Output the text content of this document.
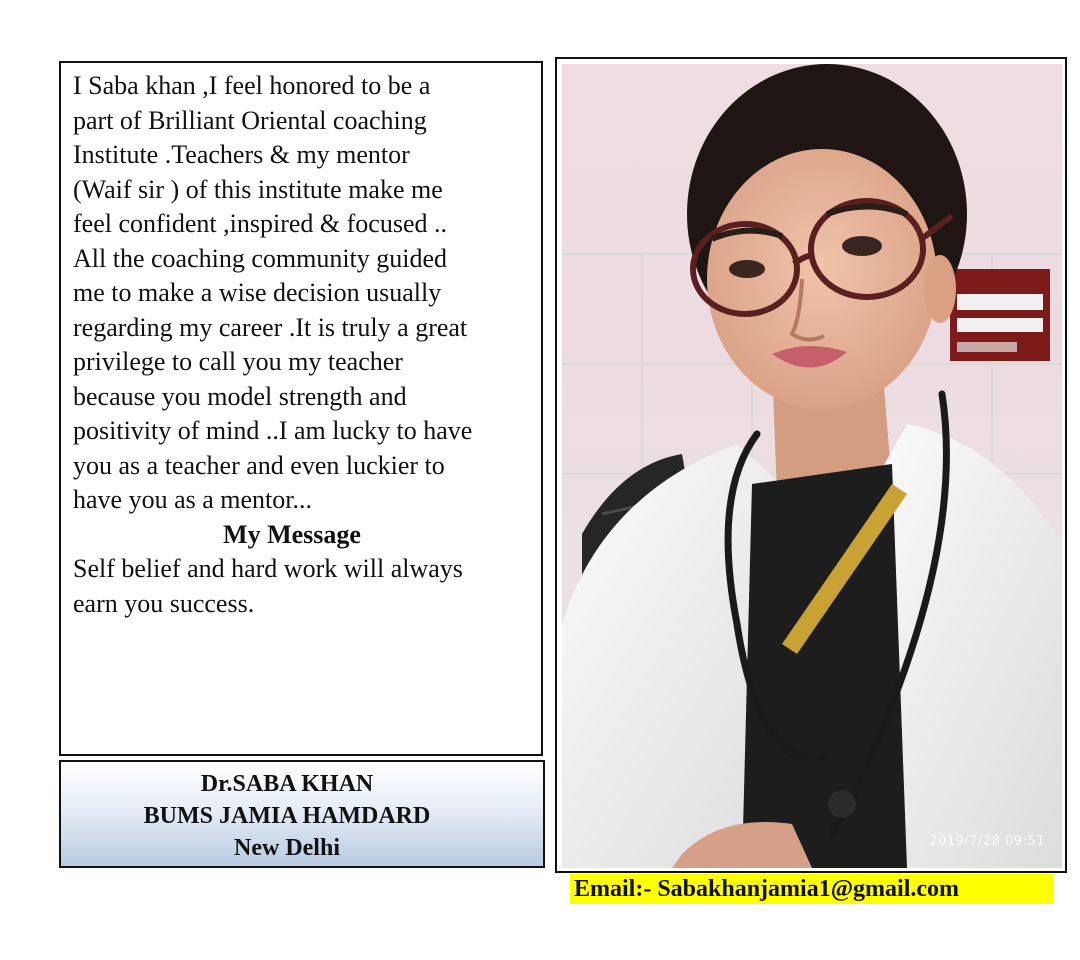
I Saba khan ,I feel honored to be a
part of Brilliant Oriental coaching
Institute .Teachers & my mentor
(Waif sir ) of this institute make me
feel confident ,inspired & focused ..
All the coaching community guided
me to make a wise decision usually
regarding my career .It is truly a great
privilege to call you my teacher
because you model strength and
positivity of mind ..I am lucky to have
you as a teacher and even luckier to
have you as a mentor...

My Message

Self belief and hard work will always
earn you success.

Dr.SABA KHAN
BUMS JAMIA HAMDARD
New Delhi	2019/7/28 09:51
Email:- Sabakhanjamia1@gmail.com
